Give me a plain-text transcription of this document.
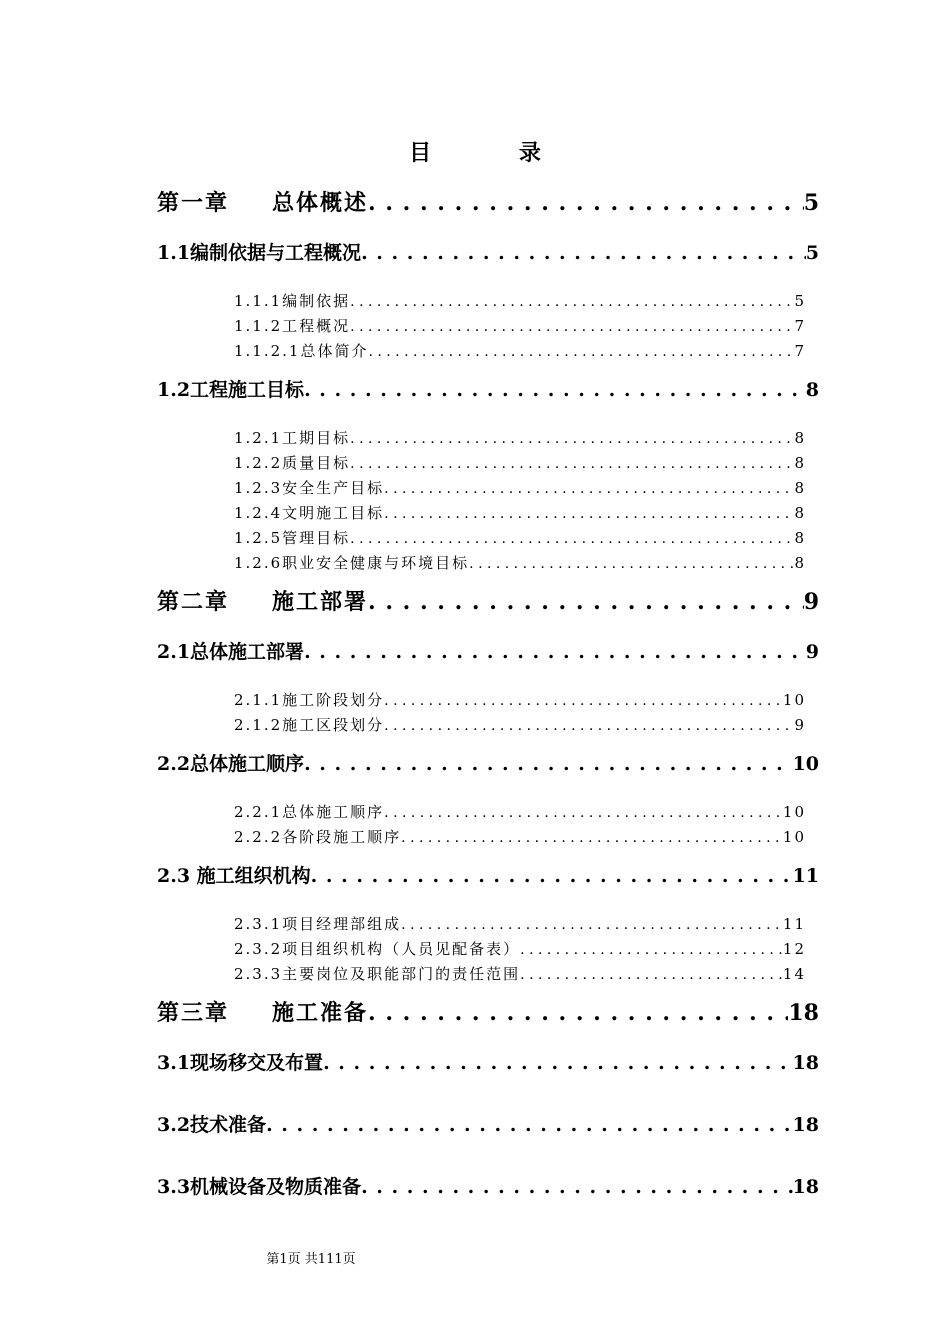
目 录
第一章 总体概述 . . .	5
1.1编制依据与工程概况 . . .	5
1.1.1编制依据 . . .	5
1.1.2工程概况 . . .	7
1.1.2.1总体简介 . . .	7
1.2工程施工目标 . . .	8
1.2.1工期目标 . . .	8
1.2.2质量目标 . . .	8
1.2.3安全生产目标 . . .	8
1.2.4文明施工目标 . . .	8
1.2.5管理目标 . . .	8
1.2.6职业安全健康与环境目标 . . .	8
第二章 施工部署 . . .	9
2.1总体施工部署 . . .	9
2.1.1施工阶段划分 . . .	10
2.1.2施工区段划分 . . .	9
2.2总体施工顺序 . . .	10
2.2.1总体施工顺序 . . .	10
2.2.2各阶段施工顺序 . . .	10
2.3 施工组织机构 . . .	11
2.3.1项目经理部组成 . . .	11
2.3.2项目组织机构（人员见配备表） . . .	12
2.3.3主要岗位及职能部门的责任范围 . . .	14
第三章 施工准备 . . .	18
3.1现场移交及布置 . . .	18
3.2技术准备 . . .	18
3.3机械设备及物质准备 . . .	18
第1页 共111页
